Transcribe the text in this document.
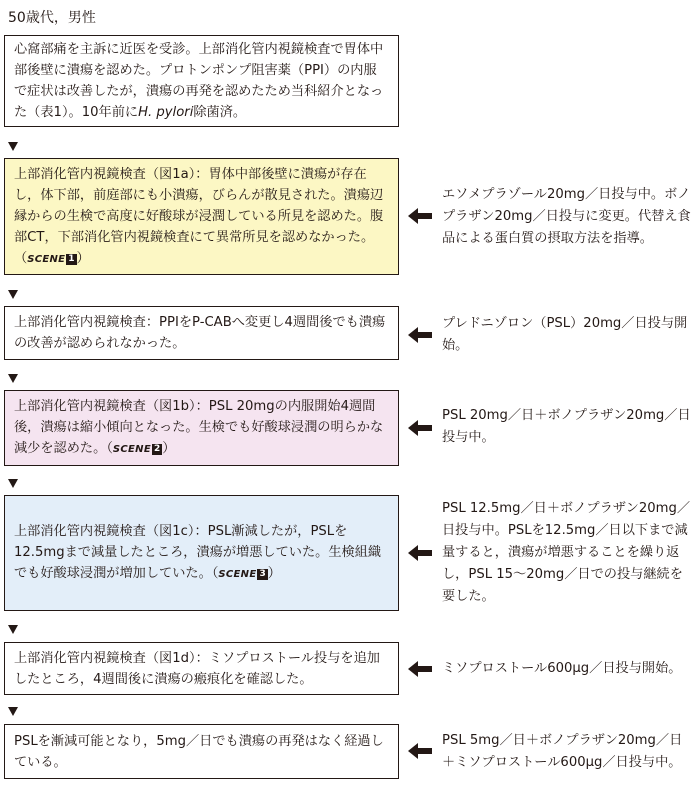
50歳代，男性
心窩部痛を主訴に近医を受診。上部消化管内視鏡検査で胃体中部後壁に潰瘍を認めた。プロトンポンプ阻害薬（PPI）の内服で症状は改善したが，潰瘍の再発を認めたため当科紹介となった（表1）。10年前にH. pylori除菌済。
上部消化管内視鏡検査（図1a）：胃体中部後壁に潰瘍が存在し，体下部，前庭部にも小潰瘍，びらんが散見された。潰瘍辺縁からの生検で高度に好酸球が浸潤している所見を認めた。腹部CT，下部消化管内視鏡検査にて異常所見を認めなかった。（SCENE 1 ）
エソメプラゾール20mg／日投与中。ボノプラザン20mg／日投与に変更。代替え食品による蛋白質の摂取方法を指導。
上部消化管内視鏡検査：PPIをP-CABへ変更し4週間後でも潰瘍の改善が認められなかった。
プレドニゾロン（PSL）20mg／日投与開始。
上部消化管内視鏡検査（図1b）：PSL 20mgの内服開始4週間後，潰瘍は縮小傾向となった。生検でも好酸球浸潤の明らかな減少を認めた。（SCENE 2 ）
PSL 20mg／日＋ボノプラザン20mg／日投与中。
上部消化管内視鏡検査（図1c）：PSL漸減したが，PSLを12.5mgまで減量したところ，潰瘍が増悪していた。生検組織でも好酸球浸潤が増加していた。（SCENE 3 ）
PSL 12.5mg／日＋ボノプラザン20mg／日投与中。PSLを12.5mg／日以下まで減量すると，潰瘍が増悪することを繰り返し，PSL 15〜20mg／日での投与継続を要した。
上部消化管内視鏡検査（図1d）：ミソプロストール投与を追加したところ，4週間後に潰瘍の瘢痕化を確認した。
ミソプロストール600μg／日投与開始。
PSLを漸減可能となり，5mg／日でも潰瘍の再発はなく経過している。
PSL 5mg／日＋ボノプラザン20mg／日＋ミソプロストール600μg／日投与中。
